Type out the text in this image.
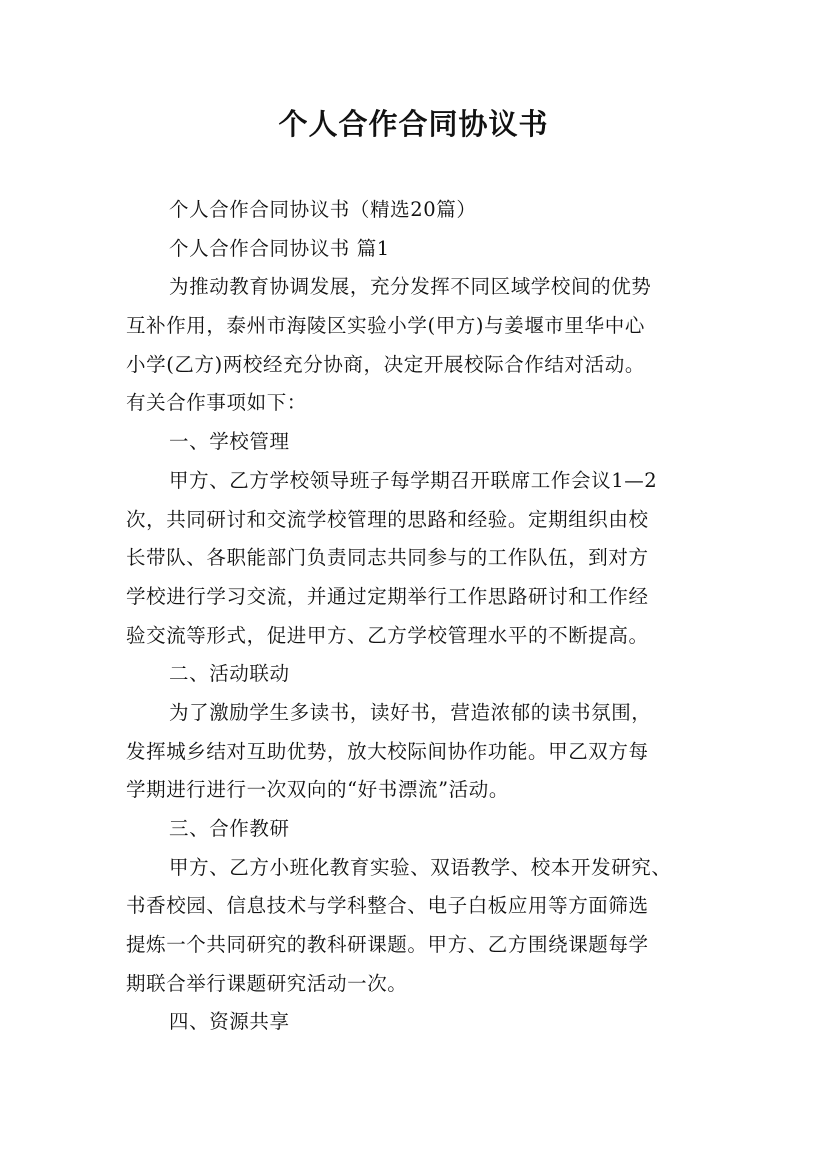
个人合作合同协议书
个人合作合同协议书（精选20篇）
个人合作合同协议书 篇1
为推动教育协调发展，充分发挥不同区域学校间的优势
互补作用，泰州市海陵区实验小学(甲方)与姜堰市里华中心
小学(乙方)两校经充分协商，决定开展校际合作结对活动。
有关合作事项如下：
一、学校管理
甲方、乙方学校领导班子每学期召开联席工作会议1—2
次，共同研讨和交流学校管理的思路和经验。定期组织由校
长带队、各职能部门负责同志共同参与的工作队伍，到对方
学校进行学习交流，并通过定期举行工作思路研讨和工作经
验交流等形式，促进甲方、乙方学校管理水平的不断提高。
二、活动联动
为了激励学生多读书，读好书，营造浓郁的读书氛围，
发挥城乡结对互助优势，放大校际间协作功能。甲乙双方每
学期进行进行一次双向的“好书漂流”活动。
三、合作教研
甲方、乙方小班化教育实验、双语教学、校本开发研究、
书香校园、信息技术与学科整合、电子白板应用等方面筛选
提炼一个共同研究的教科研课题。甲方、乙方围绕课题每学
期联合举行课题研究活动一次。
四、资源共享
